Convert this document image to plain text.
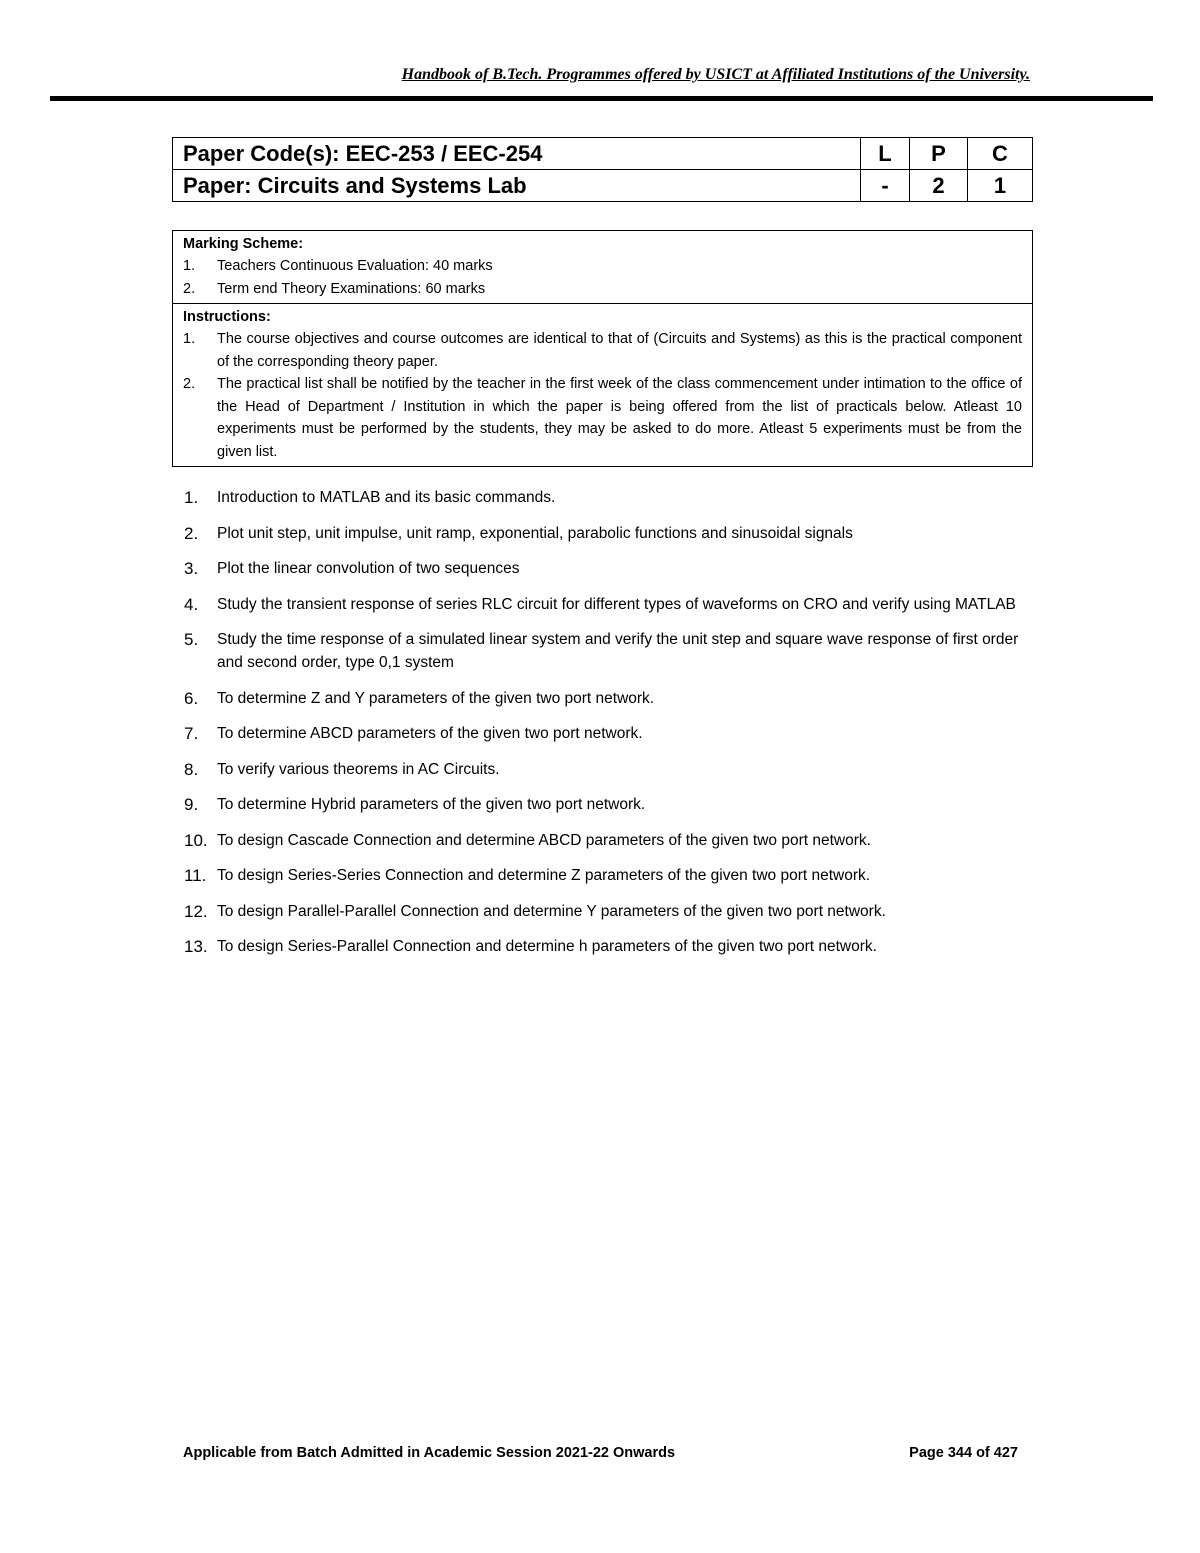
Handbook of B.Tech. Programmes offered by USICT at Affiliated Institutions of the University.
Paper Code(s): EEC-253 / EEC-254	L	P	C
Paper: Circuits and Systems Lab	-	2	1
Marking Scheme:
1.	Teachers Continuous Evaluation: 40 marks
2.	Term end Theory Examinations: 60 marks
Instructions:
1.	The course objectives and course outcomes are identical to that of (Circuits and Systems) as this is the practical component of the corresponding theory paper.
2.	The practical list shall be notified by the teacher in the first week of the class commencement under intimation to the office of the Head of Department / Institution in which the paper is being offered from the list of practicals below. Atleast 10 experiments must be performed by the students, they may be asked to do more. Atleast 5 experiments must be from the given list.
1.	Introduction to MATLAB and its basic commands.
2.	Plot unit step, unit impulse, unit ramp, exponential, parabolic functions and sinusoidal signals
3.	Plot the linear convolution of two sequences
4.	Study the transient response of series RLC circuit for different types of waveforms on CRO and verify using MATLAB
5.	Study the time response of a simulated linear system and verify the unit step and square wave response of first order and second order, type 0,1 system
6.	To determine Z and Y parameters of the given two port network.
7.	To determine ABCD parameters of the given two port network.
8.	To verify various theorems in AC Circuits.
9.	To determine Hybrid parameters of the given two port network.
10. To design Cascade Connection and determine ABCD parameters of the given two port network.
11. To design Series-Series Connection and determine Z parameters of the given two port network.
12. To design Parallel-Parallel Connection and determine Y parameters of the given two port network.
13. To design Series-Parallel Connection and determine h parameters of the given two port network.
Applicable from Batch Admitted in Academic Session 2021-22 Onwards	Page 344 of 427
